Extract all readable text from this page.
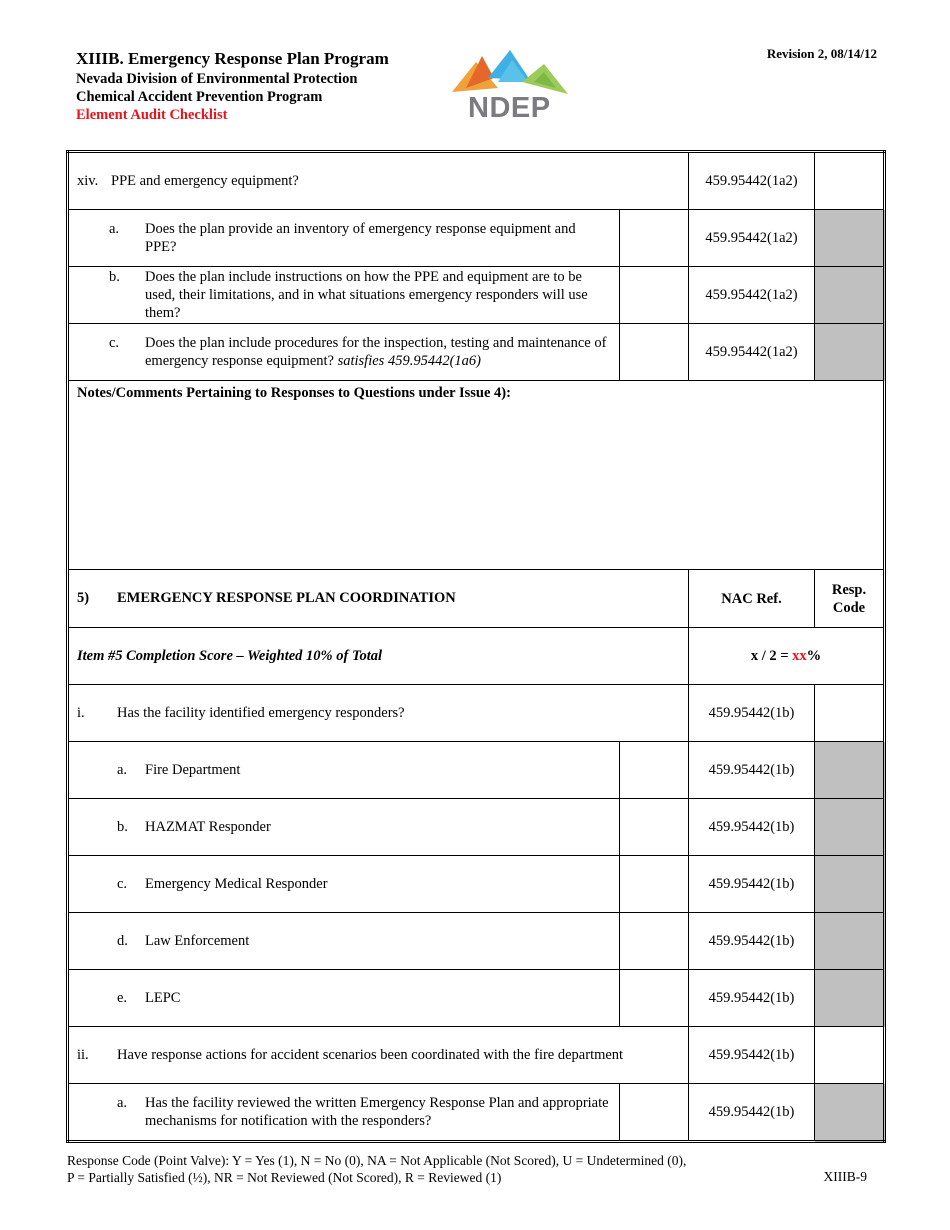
XIIIB. Emergency Response Plan Program
Nevada Division of Environmental Protection
Chemical Accident Prevention Program
Element Audit Checklist	NDEP
Revision 2, 08/14/12
xiv. PPE and emergency equipment?		459.95442(1a2)	

a. Does the plan provide an inventory of emergency response equipment and PPE?		459.95442(1a2)	

b. Does the plan include instructions on how the PPE and equipment are to be used, their limitations, and in what situations emergency responders will use them?		459.95442(1a2)	

c. Does the plan include procedures for the inspection, testing and maintenance of emergency response equipment? satisfies 459.95442(1a6)		459.95442(1a2)	
Notes/Comments Pertaining to Responses to Questions under Issue 4):			
5) EMERGENCY RESPONSE PLAN COORDINATION		NAC Ref.	Resp.
Code
Item #5 Completion Score – Weighted 10% of Total		x / 2 = xx%	

i. Has the facility identified emergency responders?		459.95442(1b)	

a. Fire Department		459.95442(1b)	

b. HAZMAT Responder		459.95442(1b)	

c. Emergency Medical Responder		459.95442(1b)	

d. Law Enforcement		459.95442(1b)	

e. LEPC		459.95442(1b)	

ii. Have response actions for accident scenarios been coordinated with the fire department		459.95442(1b)	

a. Has the facility reviewed the written Emergency Response Plan and appropriate mechanisms for notification with the responders?		459.95442(1b)	
Response Code (Point Valve): Y = Yes (1), N = No (0), NA = Not Applicable (Not Scored), U = Undetermined (0),
P = Partially Satisfied (½), NR = Not Reviewed (Not Scored), R = Reviewed (1)	XIIIB-9
